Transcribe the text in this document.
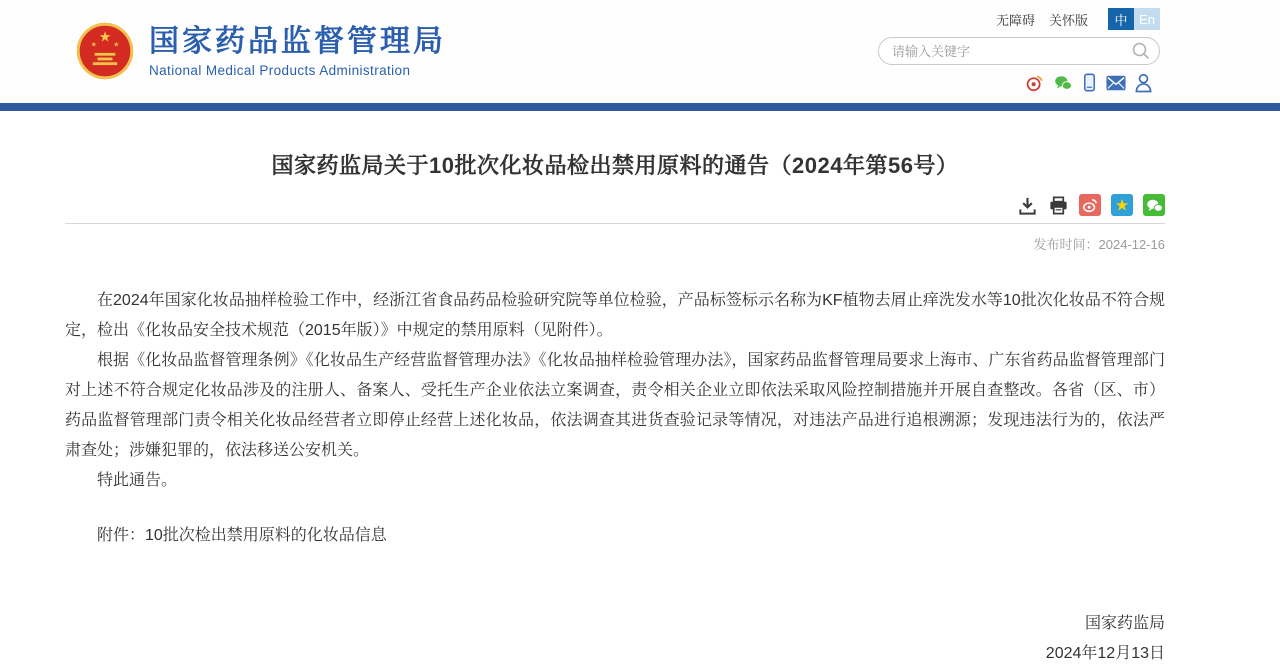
★
★ ★ 国家药品监督管理局
National Medical Products Administration
无障碍 关怀版	中 En
请输入关键字
国家药监局关于10批次化妆品检出禁用原料的通告（2024年第56号）
★
发布时间：2024-12-16

在2024年国家化妆品抽样检验工作中，经浙江省食品药品检验研究院等单位检验，产品标签标示名称为KF植物去屑止痒洗发水等10批次化妆品不符合规定，检出《化妆品安全技术规范（2015年版）》中规定的禁用原料（见附件）。

根据《化妆品监督管理条例》《化妆品生产经营监督管理办法》《化妆品抽样检验管理办法》，国家药品监督管理局要求上海市、广东省药品监督管理部门对上述不符合规定化妆品涉及的注册人、备案人、受托生产企业依法立案调查，责令相关企业立即依法采取风险控制措施并开展自查整改。各省（区、市）药品监督管理部门责令相关化妆品经营者立即停止经营上述化妆品，依法调查其进货查验记录等情况，对违法产品进行追根溯源；发现违法行为的，依法严肃查处；涉嫌犯罪的，依法移送公安机关。

特此通告。

附件：10批次检出禁用原料的化妆品信息

国家药监局
2024年12月13日
